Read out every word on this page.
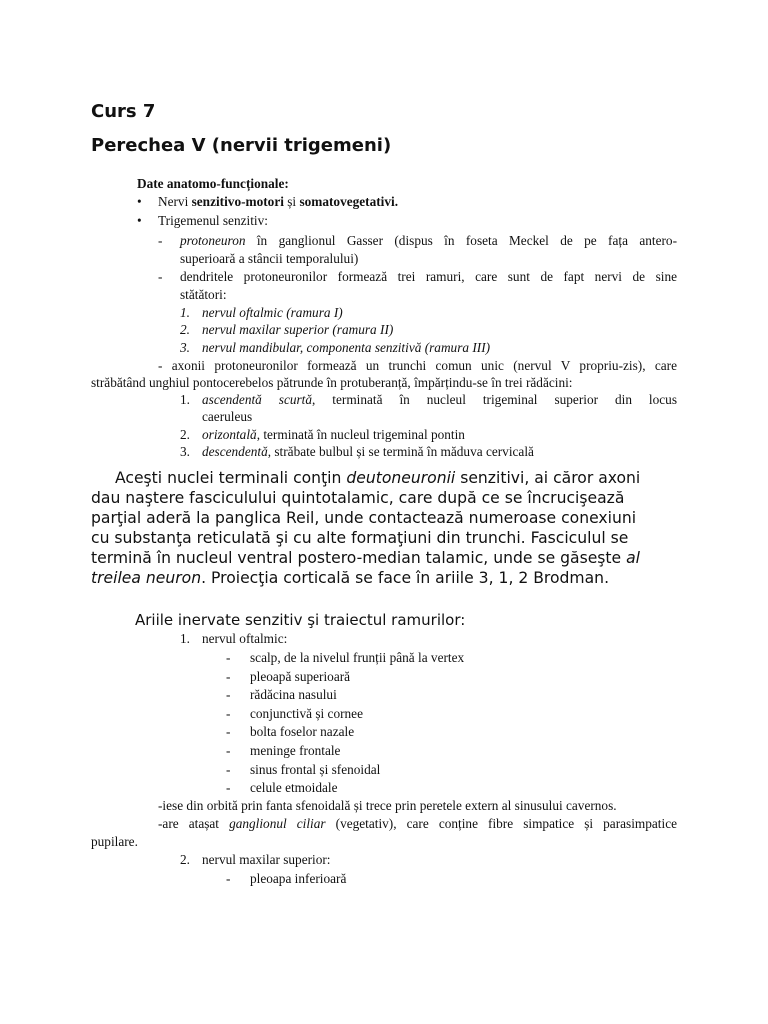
Curs 7
Perechea V (nervii trigemeni)
Date anatomo-funcționale:
• Nervi senzitivo-motori și somatovegetativi.
• Trigemenul senzitiv:
- protoneuron în ganglionul Gasser (dispus în foseta Meckel de pe fața antero-
superioară a stâncii temporalului)
- dendritele protoneuronilor formează trei ramuri, care sunt de fapt nervi de sine
stătători:
1. nervul oftalmic (ramura I)
2. nervul maxilar superior (ramura II)
3. nervul mandibular, componenta senzitivă (ramura III)
- axonii protoneuronilor formează un trunchi comun unic (nervul V propriu-zis), care
străbătând unghiul pontocerebelos pătrunde în protuberanță, împărțindu-se în trei rădăcini:
1. ascendentă scurtă, terminată în nucleul trigeminal superior din locus
caeruleus
2. orizontală, terminată în nucleul trigeminal pontin
3. descendentă, străbate bulbul și se termină în măduva cervicală
Aceşti nuclei terminali conţin deutoneuronii senzitivi, ai căror axoni
dau naştere fasciculului quintotalamic, care după ce se încrucişează
parţial aderă la panglica Reil, unde contactează numeroase conexiuni
cu substanţa reticulată şi cu alte formaţiuni din trunchi. Fasciculul se
termină în nucleul ventral postero-median talamic, unde se găseşte al
treilea neuron. Proiecţia corticală se face în ariile 3, 1, 2 Brodman.
Ariile inervate senzitiv şi traiectul ramurilor:
1. nervul oftalmic:
- scalp, de la nivelul frunții până la vertex
- pleoapă superioară
- rădăcina nasului
- conjunctivă și cornee
- bolta foselor nazale
- meninge frontale
- sinus frontal și sfenoidal
- celule etmoidale
-iese din orbită prin fanta sfenoidală și trece prin peretele extern al sinusului cavernos.
-are atașat ganglionul ciliar (vegetativ), care conține fibre simpatice și parasimpatice
pupilare.
2. nervul maxilar superior:
- pleoapa inferioară
